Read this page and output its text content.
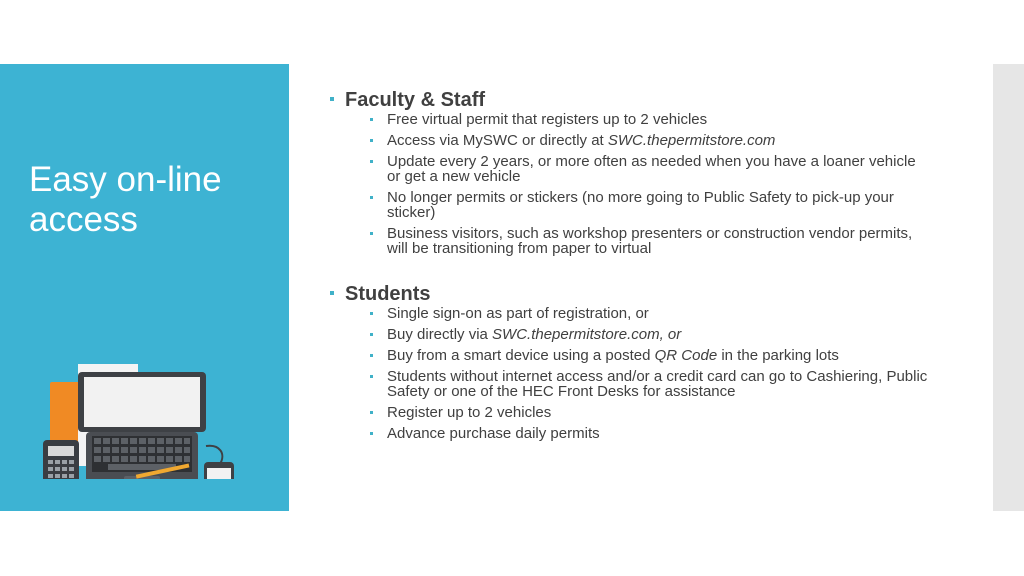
Easy on-line access
Faculty & Staff
Free virtual permit that registers up to 2 vehicles
Access via MySWC or directly at SWC.thepermitstore.com
Update every 2 years, or more often as needed when you have a loaner vehicle or get a new vehicle
No longer permits or stickers (no more going to Public Safety to pick-up your sticker)
Business visitors, such as workshop presenters or construction vendor permits, will be transitioning from paper to virtual
Students
Single sign-on as part of registration, or
Buy directly via SWC.thepermitstore.com, or
Buy from a smart device using a posted QR Code in the parking lots
Students without internet access and/or a credit card can go to Cashiering, Public Safety or one of the HEC Front Desks for assistance
Register up to 2 vehicles
Advance purchase daily permits
